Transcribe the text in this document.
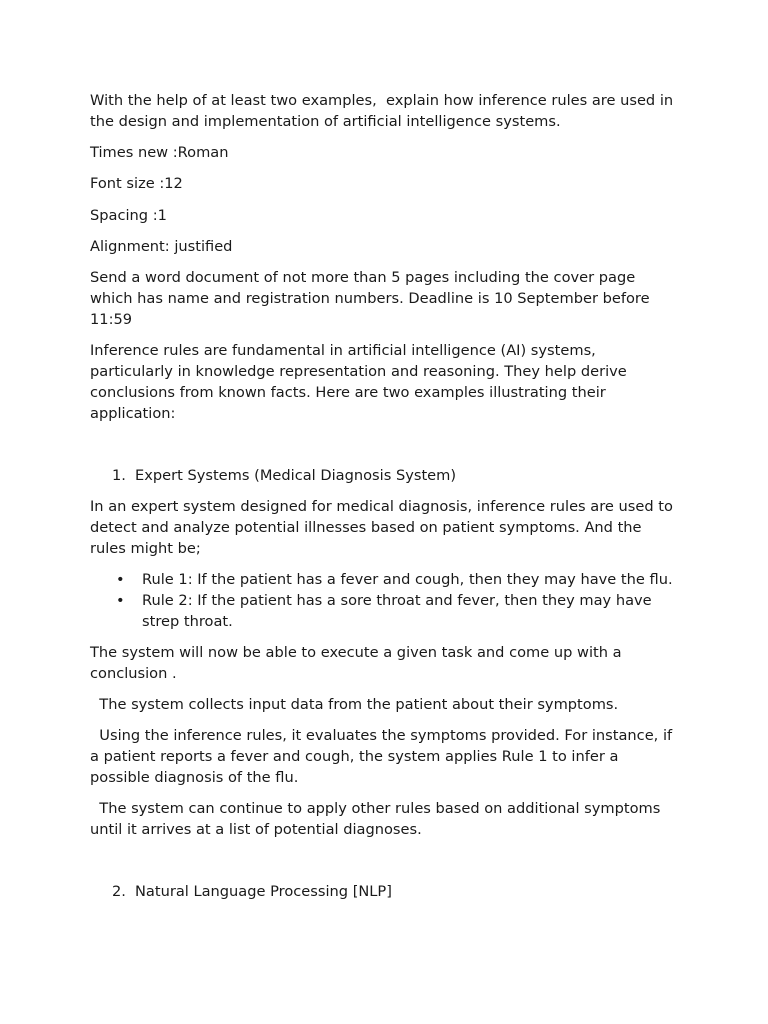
With the help of at least two examples,  explain how inference rules are used in the design and implementation of artificial intelligence systems.

Times new :Roman

Font size :12

Spacing :1

Alignment: justified

Send a word document of not more than 5 pages including the cover page which has name and registration numbers. Deadline is 10 September before 11:59

Inference rules are fundamental in artificial intelligence (AI) systems, particularly in knowledge representation and reasoning. They help derive conclusions from known facts. Here are two examples illustrating their application:

1. Expert Systems (Medical Diagnosis System)

In an expert system designed for medical diagnosis, inference rules are used to detect and analyze potential illnesses based on patient symptoms. And the rules might be;

•	Rule 1: If the patient has a fever and cough, then they may have the flu.
•	Rule 2: If the patient has a sore throat and fever, then they may have strep throat.

The system will now be able to execute a given task and come up with a conclusion .

The system collects input data from the patient about their symptoms.

Using the inference rules, it evaluates the symptoms provided. For instance, if a patient reports a fever and cough, the system applies Rule 1 to infer a possible diagnosis of the flu.

The system can continue to apply other rules based on additional symptoms until it arrives at a list of potential diagnoses.

2. Natural Language Processing [NLP]
